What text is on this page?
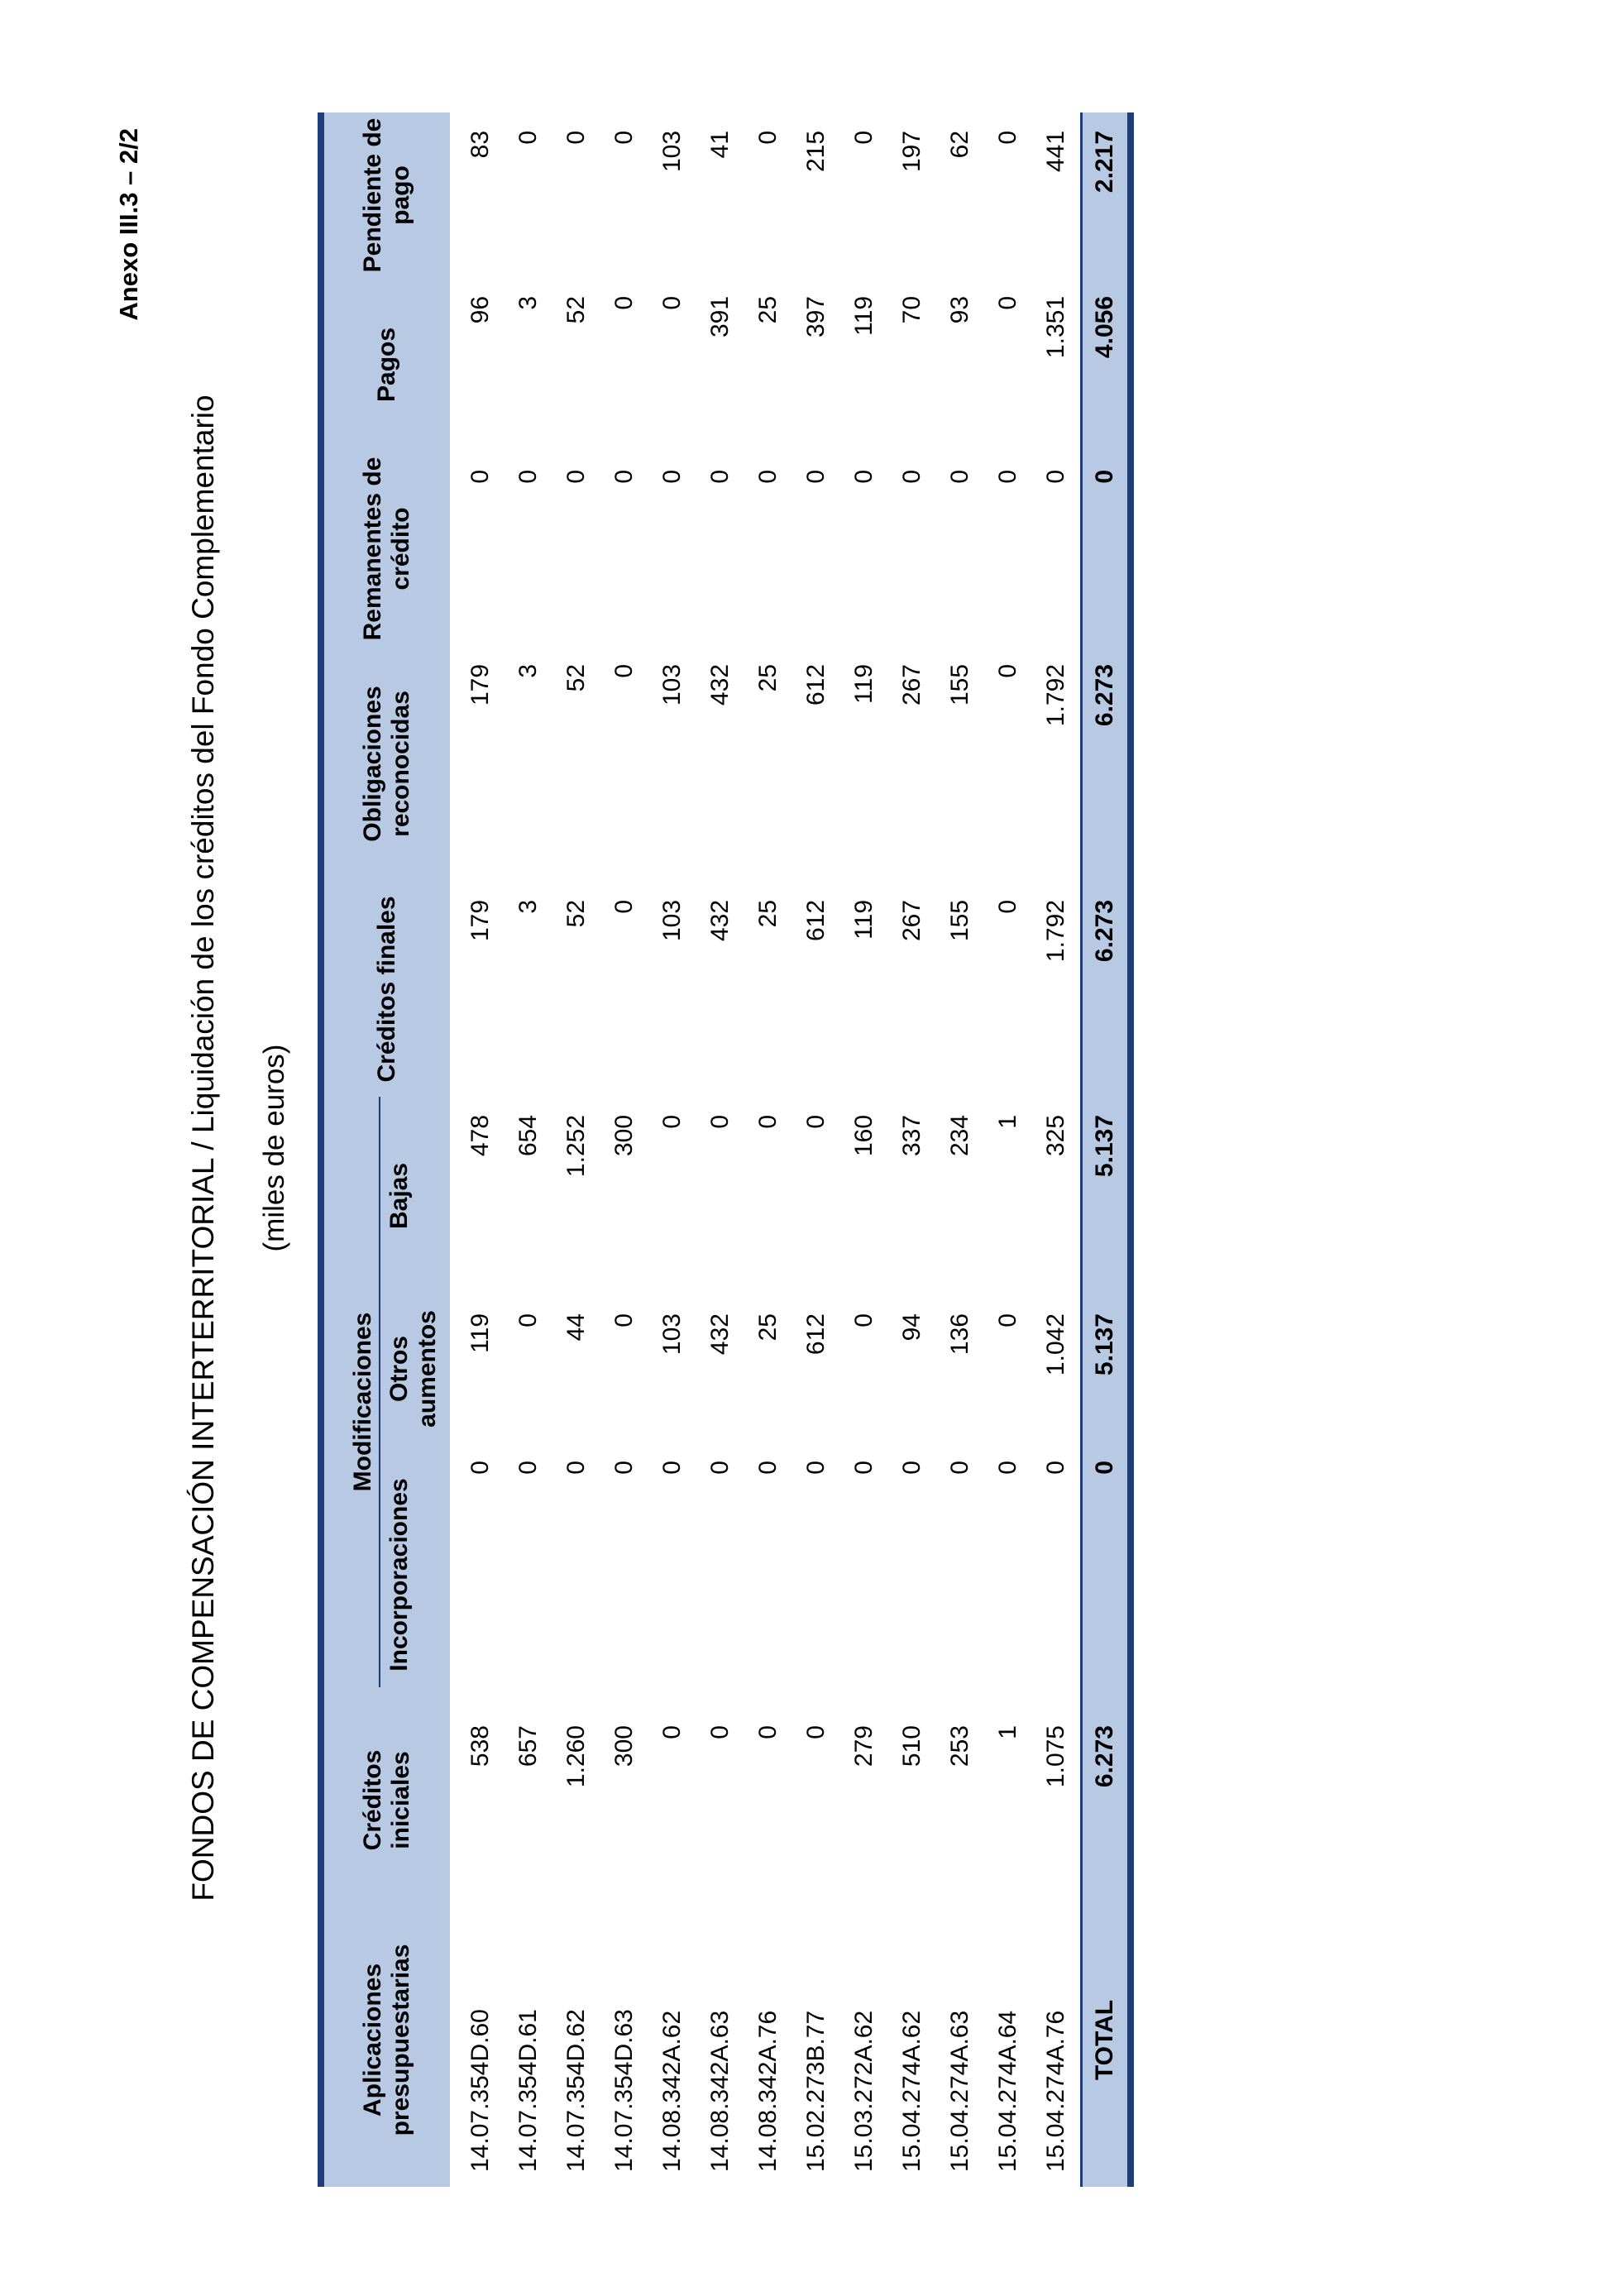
Anexo III.3 – 2/2
FONDOS DE COMPENSACIÓN INTERTERRITORIAL / Liquidación de los créditos del Fondo Complementario (miles de euros)
Aplicaciones presupuestarias	Créditos iniciales	Modificaciones			Créditos finales	Obligaciones reconocidas	Remanentes de crédito	Pagos	Pendiente de pago
		Incorporaciones	Otros aumentos	Bajas					
14.07.354D.60	538	0	119	478	179	179	0	96	83
14.07.354D.61	657	0	0	654	3	3	0	3	0
14.07.354D.62	1.260	0	44	1.252	52	52	0	52	0
14.07.354D.63	300	0	0	300	0	0	0	0	0
14.08.342A.62	0	0	103	0	103	103	0	0	103
14.08.342A.63	0	0	432	0	432	432	0	391	41
14.08.342A.76	0	0	25	0	25	25	0	25	0
15.02.273B.77	0	0	612	0	612	612	0	397	215
15.03.272A.62	279	0	0	160	119	119	0	119	0
15.04.274A.62	510	0	94	337	267	267	0	70	197
15.04.274A.63	253	0	136	234	155	155	0	93	62
15.04.274A.64	1	0	0	1	0	0	0	0	0
15.04.274A.76	1.075	0	1.042	325	1.792	1.792	0	1.351	441
TOTAL	6.273	0	5.137	5.137	6.273	6.273	0	4.056	2.217
